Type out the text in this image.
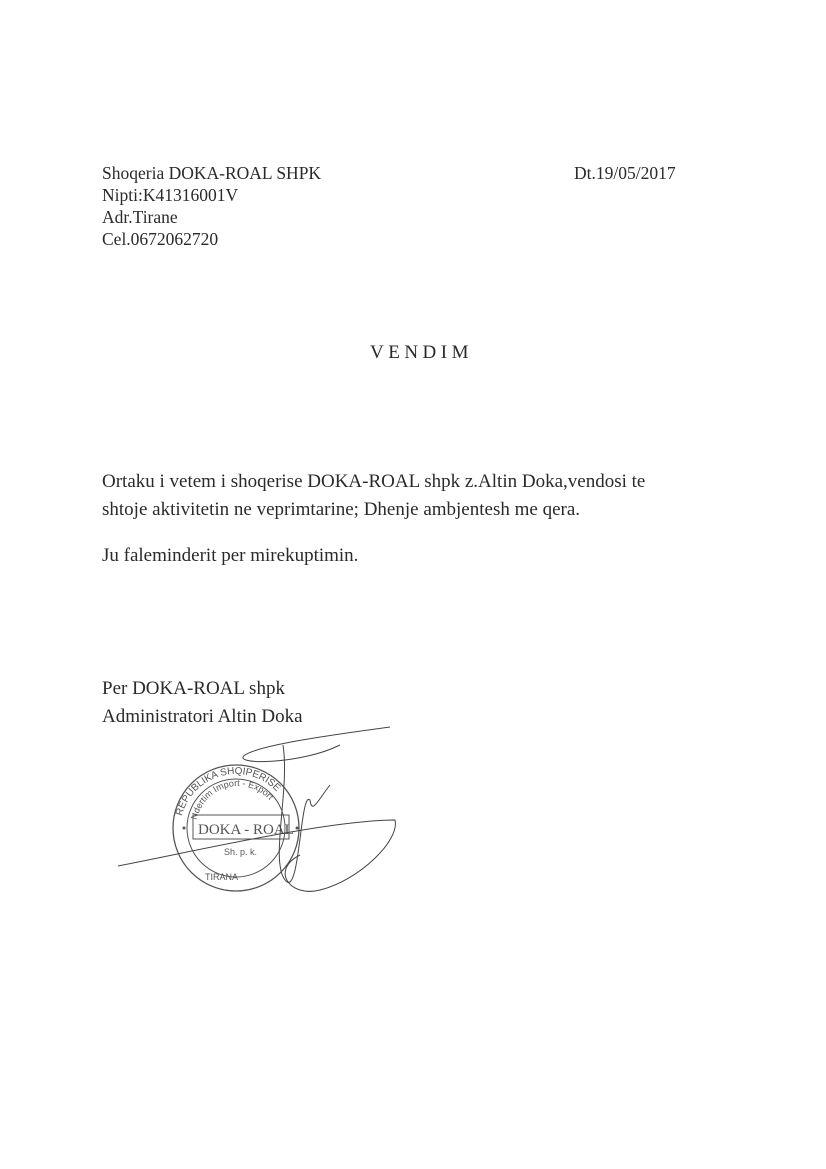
Shoqeria DOKA-ROAL SHPK
Nipti:K41316001V
Adr.Tirane
Cel.0672062720
Dt.19/05/2017
VENDIM
Ortaku i vetem i shoqerise DOKA-ROAL shpk z.Altin Doka,vendosi te
shtoje aktivitetin ne veprimtarine; Dhenje ambjentesh me qera.
Ju faleminderit per mirekuptimin.
Per DOKA-ROAL shpk
Administratori Altin Doka
REPUBLIKA SHQIPERISE
Ndertim Import - Export
DOKA - ROAL
Sh. p. k.
TIRANA
